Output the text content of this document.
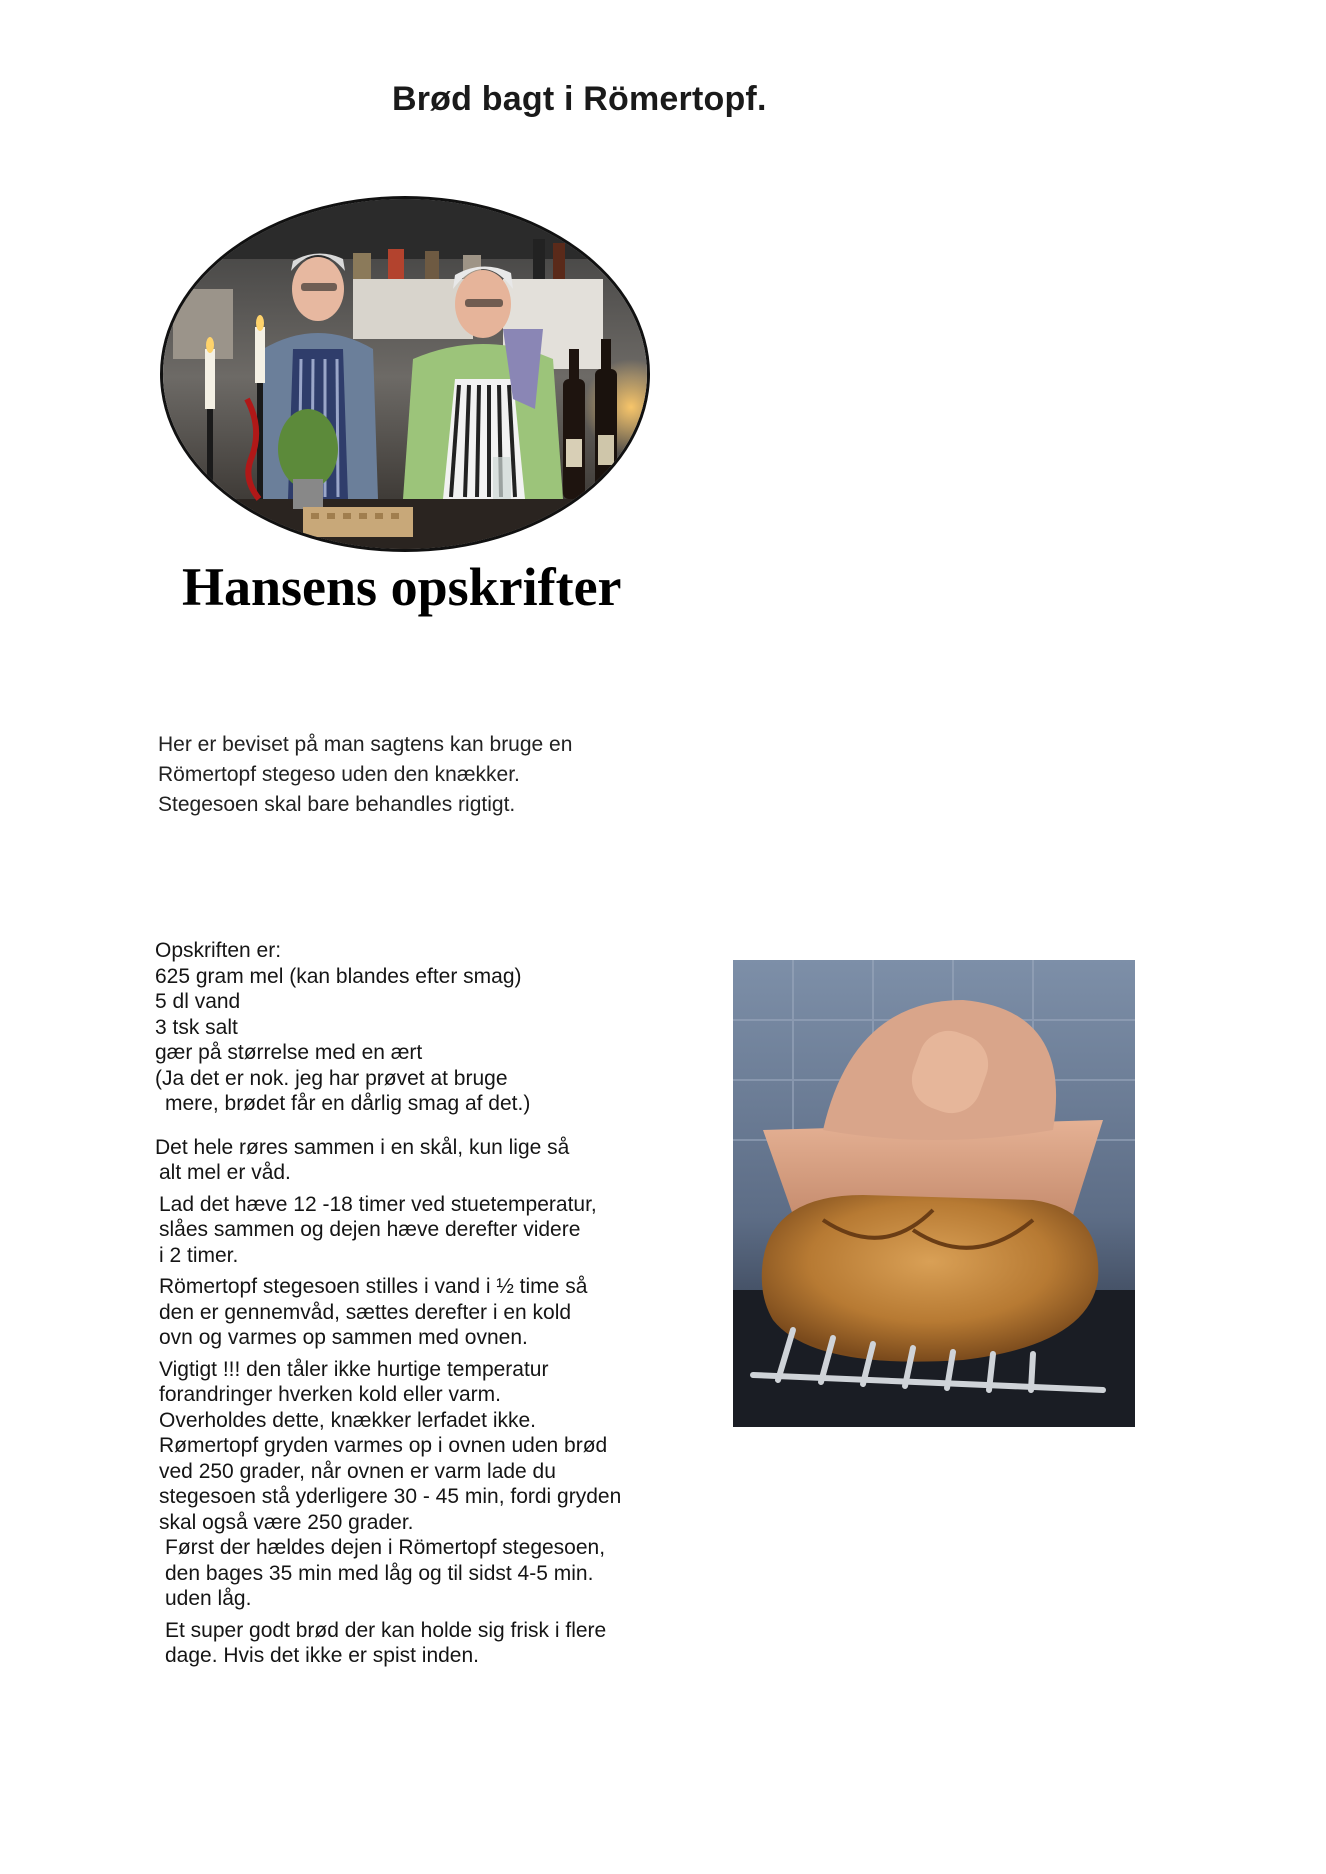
Brød bagt i Römertopf.
Hansens opskrifter
Her er beviset på man sagtens kan bruge en
Römertopf stegeso uden den knækker.
Stegesoen skal bare behandles rigtigt.

Opskriften er:

625 gram mel (kan blandes efter smag)

5 dl vand

3 tsk salt

gær på størrelse med en ært

(Ja det er nok. jeg har prøvet at bruge

mere, brødet får en dårlig smag af det.)

Det hele røres sammen i en skål, kun lige så

alt mel er våd.

Lad det hæve 12 -18 timer ved stuetemperatur,

slåes sammen og dejen hæve derefter videre

i 2 timer.

Römertopf stegesoen stilles i vand i ½ time så

den er gennemvåd, sættes derefter i en kold

ovn og varmes op sammen med ovnen.

Vigtigt !!! den tåler ikke hurtige temperatur

forandringer hverken kold eller varm.

Overholdes dette, knækker lerfadet ikke.

Rømertopf gryden varmes op i ovnen uden brød

ved 250 grader, når ovnen er varm lade du

stegesoen stå yderligere 30 - 45 min, fordi gryden

skal også være 250 grader.

Først der hældes dejen i Römertopf stegesoen,

den bages 35 min med låg og til sidst 4-5 min.

uden låg.

Et super godt brød der kan holde sig frisk i flere

dage. Hvis det ikke er spist inden.
